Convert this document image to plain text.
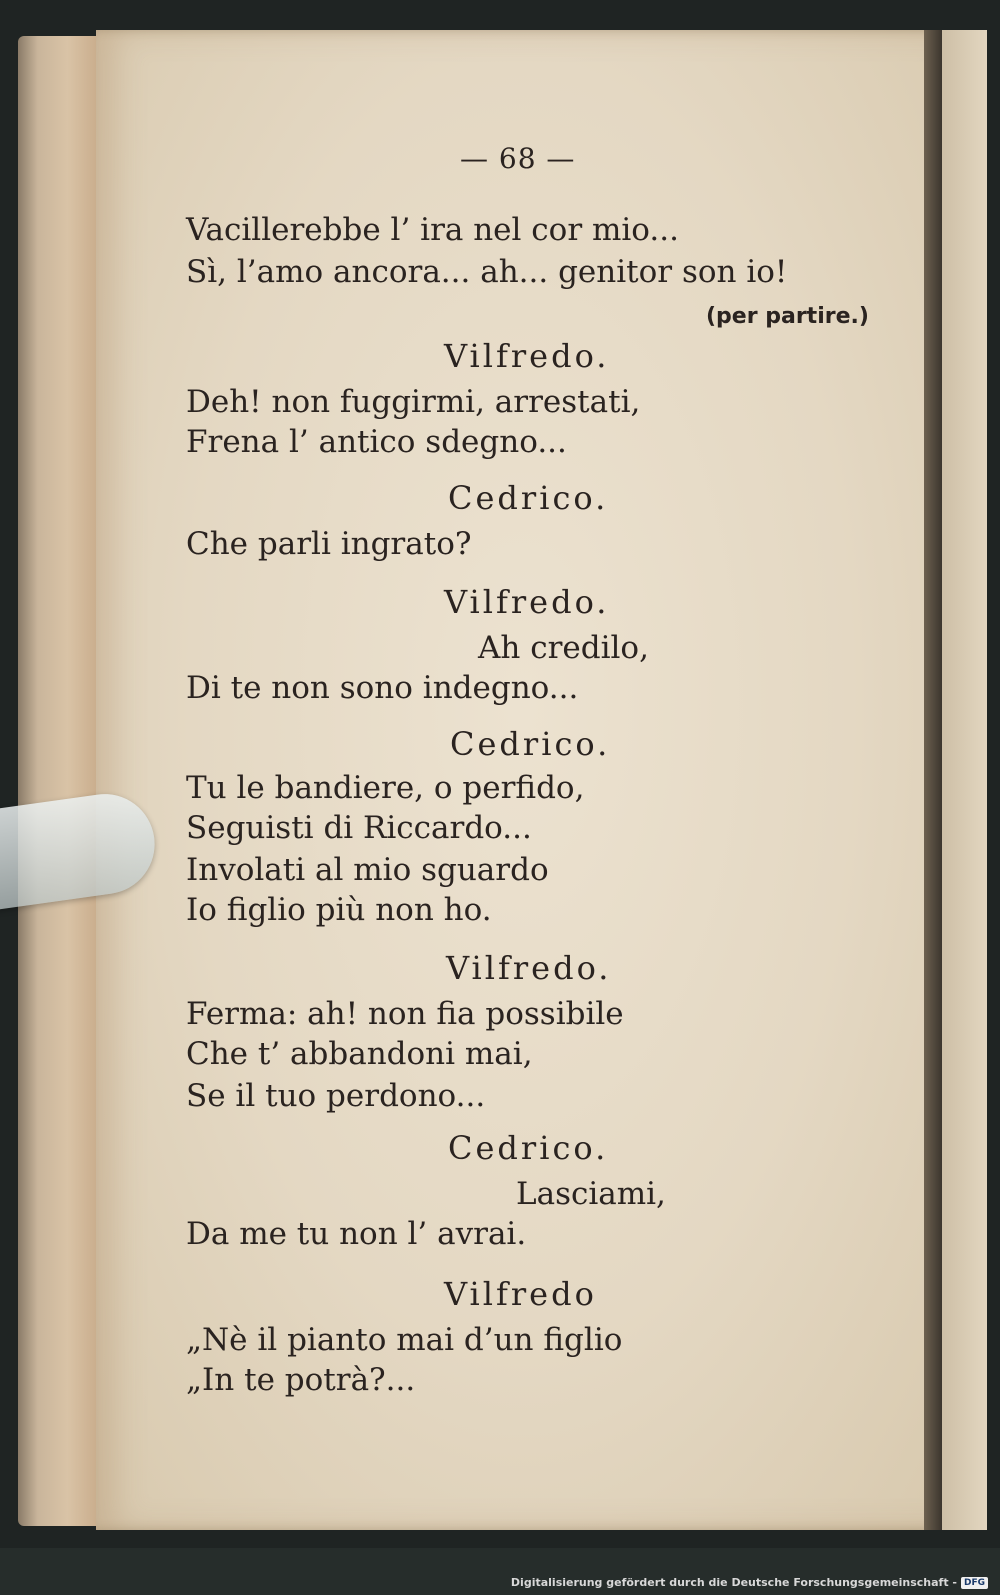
— 68 —
Vacillerebbe l’ ira nel cor mio...
Sì, l’amo ancora... ah... genitor son io!
(per partire.)
Vilfredo.
Deh! non fuggirmi, arrestati,
Frena l’ antico sdegno...
Cedrico.
Che parli ingrato?
Vilfredo.
Ah credilo,
Di te non sono indegno...
Cedrico.
Tu le bandiere, o perfido,
Seguisti di Riccardo...
Involati al mio sguardo
Io figlio più non ho.
Vilfredo.
Ferma: ah! non fia possibile
Che t’ abbandoni mai,
Se il tuo perdono...
Cedrico.
Lasciami,
Da me tu non l’ avrai.
Vilfredo
„Nè il pianto mai d’un figlio
„In te potrà?...
Digitalisierung gefördert durch die Deutsche Forschungsgemeinschaft - DFG
